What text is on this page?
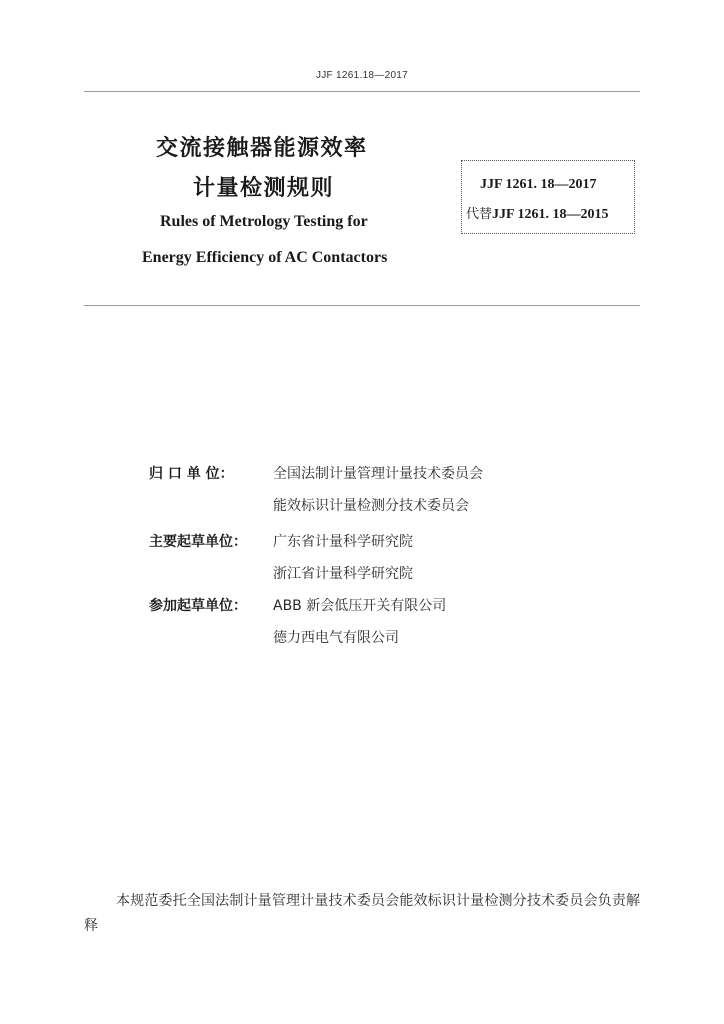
JJF 1261.18—2017
交流接触器能源效率
计量检测规则
Rules of Metrology Testing for
Energy Efficiency of AC Contactors
JJF 1261. 18—2017
代替JJF 1261. 18—2015
归 口 单 位：	全国法制计量管理计量技术委员会
能效标识计量检测分技术委员会
主要起草单位： 广东省计量科学研究院
浙江省计量科学研究院
参加起草单位： ABB 新会低压开关有限公司
德力西电气有限公司
本规范委托全国法制计量管理计量技术委员会能效标识计量检测分技术委员会负责解释
